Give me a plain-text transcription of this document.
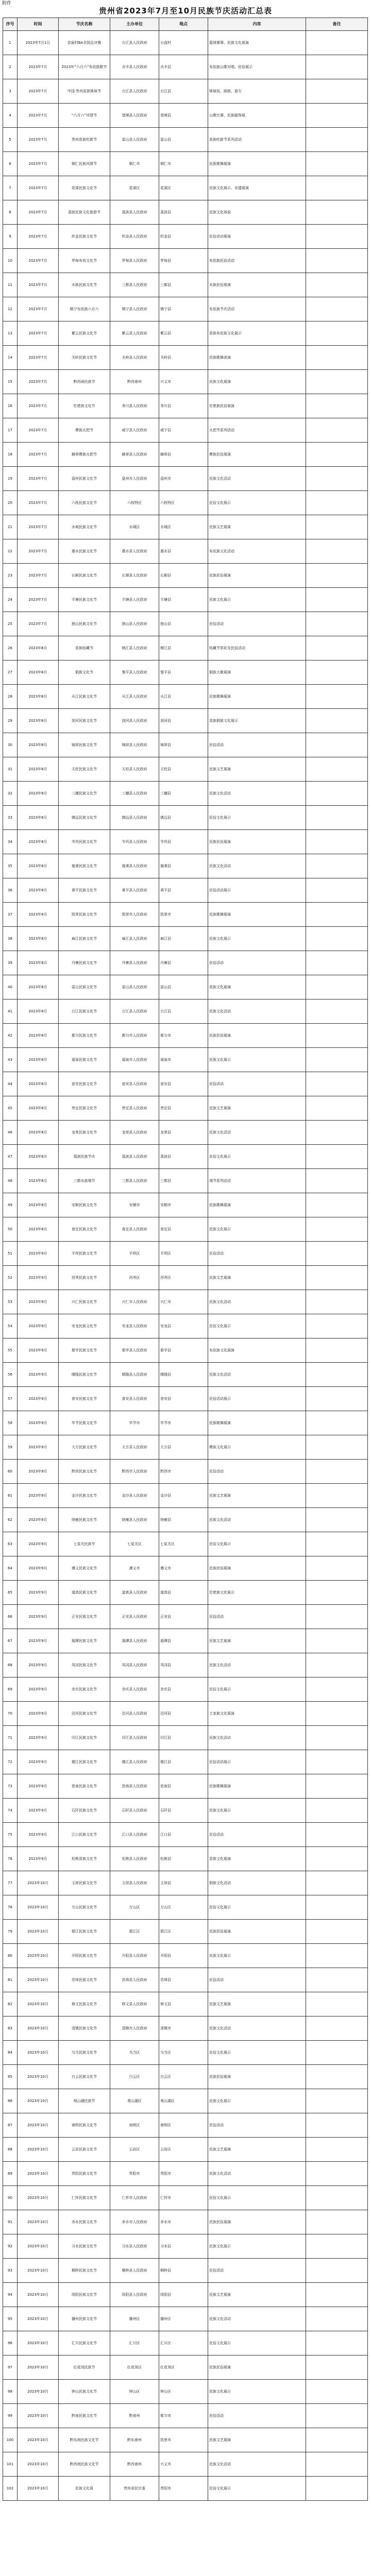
附件
贵州省2023年7月至10月民族节庆活动汇总表
序号	时间	节庆名称	主办单位	地点	内容	备注
1	2023年7月1日	首届村BA全国总决赛	台江县人民政府	台盘村	篮球赛事、民族文化展演	
2	2023年7月	2023年“六月六”布依族歌节	贞丰县人民政府	贞丰县	布依族山歌对唱、民俗展示	
3	2023年7月	中国·贵州苗族姊妹节	台江县人民政府	台江县	姊妹饭、踩鼓、游方	
4	2023年7月	“六月六”风情节	望谟县人民政府	望谟县	山歌比赛、民族服饰展	
5	2023年7月	贵州苗族吃新节	雷山县人民政府	雷山县	苗族吃新节系列活动	
6	2023年7月	铜仁民族风情节	铜仁市	铜仁市	民族歌舞展演	
7	2023年7月	花溪民族文化节	花溪区	花溪区	民族文化展示、非遗展演	
8	2023年7月	荔波民族文化旅游节	荔波县人民政府	荔波县	民族文化体验	
9	2023年7月	织金民族文化节	织金县人民政府	织金县	民俗活动展演	
10	2023年7月	罗甸布依文化节	罗甸县人民政府	罗甸县	布依族民俗活动	
11	2023年7月	水族民族文化节	三都县人民政府	三都县	水族民俗展演	
12	2023年7月	镇宁布依族六月六	镇宁县人民政府	镇宁县	布依族节庆活动	
13	2023年7月	紫云民族文化节	紫云县人民政府	紫云县	苗族布依族文化展示	
14	2023年7月	关岭民族文化节	关岭县人民政府	关岭县	民族歌舞表演	
15	2023年7月	黔西南民族节	黔西南州	兴义市	民族文化展演	
16	2023年7月	仡佬族文化节	务川县人民政府	务川县	仡佬族民俗展演	
17	2023年7月	彝族火把节	威宁县人民政府	威宁县	火把节系列活动	
18	2023年7月	赫章彝族火把节	赫章县人民政府	赫章县	彝族民俗展演	
19	2023年7月	盘州民族文化节	盘州市人民政府	盘州市	民族文化活动	
20	2023年7月	六枝民族文化节	六枝特区	六枝特区	民俗文化展示	
21	2023年7月	水城民族文化节	水城区	水城区	民族文艺展演	
22	2023年7月	惠水民族文化节	惠水县人民政府	惠水县	布依族文化活动	
23	2023年7月	长顺民族文化节	长顺县人民政府	长顺县	民族民俗展演	
24	2023年7月	平塘民族文化节	平塘县人民政府	平塘县	民族文化展示	
25	2023年7月	独山民族文化节	独山县人民政府	独山县	民俗活动	
26	2023年8月	苗族牯藏节	榕江县人民政府	榕江县	牯藏节祭祀及民俗活动	
27	2023年8月	侗族文化节	黎平县人民政府	黎平县	侗族大歌展演	
28	2023年8月	从江民族文化节	从江县人民政府	从江县	民族歌舞展演	
29	2023年8月	剑河民族文化节	剑河县人民政府	剑河县	苗族侗族文化展示	
30	2023年8月	锦屏民族文化节	锦屏县人民政府	锦屏县	民俗活动	
31	2023年8月	天柱民族文化节	天柱县人民政府	天柱县	民族文艺展演	
32	2023年8月	三穗民族文化节	三穗县人民政府	三穗县	民族文化活动	
33	2023年8月	镇远民族文化节	镇远县人民政府	镇远县	民俗文化展示	
34	2023年8月	岑巩民族文化节	岑巩县人民政府	岑巩县	民族民俗展演	
35	2023年8月	施秉民族文化节	施秉县人民政府	施秉县	民族文化活动	
36	2023年8月	黄平民族文化节	黄平县人民政府	黄平县	民俗活动展示	
37	2023年8月	凯里民族文化节	凯里市人民政府	凯里市	民族歌舞展演	
38	2023年8月	麻江民族文化节	麻江县人民政府	麻江县	民族文化展示	
39	2023年8月	丹寨民族文化节	丹寨县人民政府	丹寨县	民俗活动	
40	2023年8月	雷山民族文化节	雷山县人民政府	雷山县	苗族文化展演	
41	2023年8月	台江民族文化节	台江县人民政府	台江县	民族文化活动	
42	2023年8月	都匀民族文化节	都匀市人民政府	都匀市	民族民俗展演	
43	2023年8月	福泉民族文化节	福泉市人民政府	福泉市	民族文化展示	
44	2023年8月	瓮安民族文化节	瓮安县人民政府	瓮安县	民俗活动	
45	2023年8月	贵定民族文化节	贵定县人民政府	贵定县	民族文艺展演	
46	2023年8月	龙里民族文化节	龙里县人民政府	龙里县	民族文化活动	
47	2023年8月	荔波民族节庆	荔波县人民政府	荔波县	民俗文化展示	
48	2023年8月	三都水族端节	三都县人民政府	三都县	端节系列活动	
49	2023年8月	安顺民族文化节	安顺市	安顺市	民族歌舞展演	
50	2023年8月	普定民族文化节	普定县人民政府	普定县	民族文化展示	
51	2023年9月	平坝民族文化节	平坝区	平坝区	民俗活动	
52	2023年9月	西秀民族文化节	西秀区	西秀区	民族文艺展演	
53	2023年9月	兴仁民族文化节	兴仁市人民政府	兴仁市	民族文化活动	
54	2023年9月	安龙民族文化节	安龙县人民政府	安龙县	民俗文化展示	
55	2023年9月	册亨民族文化节	册亨县人民政府	册亨县	布依族文化展演	
56	2023年9月	晴隆民族文化节	晴隆县人民政府	晴隆县	民族文化活动	
57	2023年9月	普安民族文化节	普安县人民政府	普安县	民俗活动展示	
58	2023年9月	毕节民族文化节	毕节市	毕节市	民族歌舞展演	
59	2023年9月	大方民族文化节	大方县人民政府	大方县	彝族文化展示	
60	2023年9月	黔西民族文化节	黔西市人民政府	黔西市	民俗活动	
61	2023年9月	金沙民族文化节	金沙县人民政府	金沙县	民族文艺展演	
62	2023年9月	纳雍民族文化节	纳雍县人民政府	纳雍县	民族文化活动	
63	2023年9月	七星关民族节	七星关区	七星关区	民俗文化展示	
64	2023年9月	遵义民族文化节	遵义市	遵义市	民族民俗展演	
65	2023年9月	道真民族文化节	道真县人民政府	道真县	仡佬族文化展示	
66	2023年9月	正安民族文化节	正安县人民政府	正安县	民俗活动	
67	2023年9月	湄潭民族文化节	湄潭县人民政府	湄潭县	民族文艺展演	
68	2023年9月	凤冈民族文化节	凤冈县人民政府	凤冈县	民族文化活动	
69	2023年9月	余庆民族文化节	余庆县人民政府	余庆县	民俗文化展示	
70	2023年9月	沿河民族文化节	沿河县人民政府	沿河县	土家族文化展演	
71	2023年9月	印江民族文化节	印江县人民政府	印江县	民族文化活动	
72	2023年9月	德江民族文化节	德江县人民政府	德江县	民俗活动展示	
73	2023年9月	思南民族文化节	思南县人民政府	思南县	民族歌舞展演	
74	2023年9月	石阡民族文化节	石阡县人民政府	石阡县	民族文化展示	
75	2023年9月	江口民族文化节	江口县人民政府	江口县	民俗活动	
76	2023年9月	松桃苗族文化节	松桃县人民政府	松桃县	苗族文化展演	
77	2023年10月	玉屏民族文化节	玉屏县人民政府	玉屏县	侗族文化活动	
78	2023年10月	万山民族文化节	万山区	万山区	民俗文化展示	
79	2023年10月	碧江民族文化节	碧江区	碧江区	民族民俗展演	
80	2023年10月	开阳民族文化节	开阳县人民政府	开阳县	民族文化展示	
81	2023年10月	息烽民族文化节	息烽县人民政府	息烽县	民俗活动	
82	2023年10月	修文民族文化节	修文县人民政府	修文县	民族文艺展演	
83	2023年10月	清镇民族文化节	清镇市人民政府	清镇市	民族文化活动	
84	2023年10月	乌当民族文化节	乌当区	乌当区	民俗文化展示	
85	2023年10月	白云民族文化节	白云区	白云区	民族民俗展演	
86	2023年10月	观山湖民族节	观山湖区	观山湖区	民族文化展示	
87	2023年10月	南明民族文化节	南明区	南明区	民俗活动	
88	2023年10月	云岩民族文化节	云岩区	云岩区	民族文艺展演	
89	2023年10月	贵阳民族文化节	贵阳市	贵阳市	民族文化活动	
90	2023年10月	仁怀民族文化节	仁怀市人民政府	仁怀市	民俗文化展示	
91	2023年10月	赤水民族文化节	赤水市人民政府	赤水市	民族民俗展演	
92	2023年10月	习水民族文化节	习水县人民政府	习水县	民族文化展示	
93	2023年10月	桐梓民族文化节	桐梓县人民政府	桐梓县	民俗活动	
94	2023年10月	绥阳民族文化节	绥阳县人民政府	绥阳县	民族文艺展演	
95	2023年10月	播州民族文化节	播州区	播州区	民族文化活动	
96	2023年10月	汇川民族文化节	汇川区	汇川区	民俗文化展示	
97	2023年10月	红花岗民族节	红花岗区	红花岗区	民族民俗展演	
98	2023年10月	钟山民族文化节	钟山区	钟山区	民族文化展示	
99	2023年10月	黔南民族文化节	黔南州	都匀市	民俗活动	
100	2023年10月	黔东南民族文化节	黔东南州	凯里市	民族文艺展演	
101	2023年10月	黔西南民族文化节	黔西南州	兴义市	民族文化活动	
102	2023年10月	民族文化周	贵州省民宗委	贵阳市	民俗文化展示	
